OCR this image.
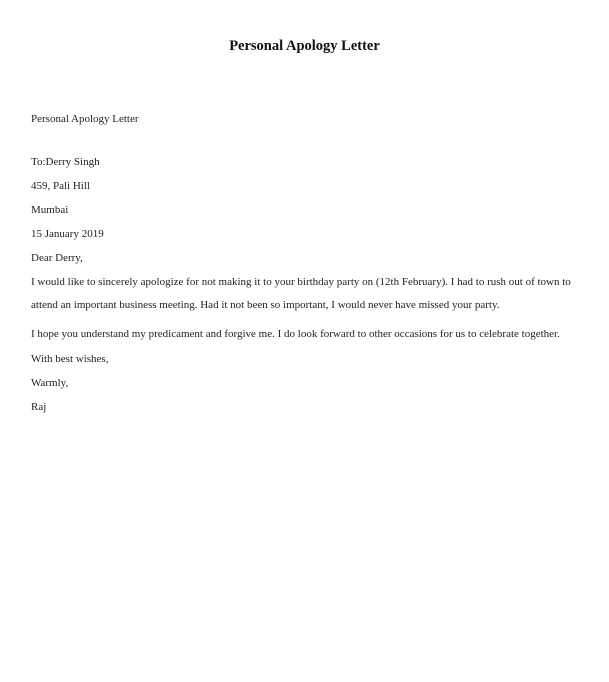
Personal Apology Letter
Personal Apology Letter
To:Derry Singh
459, Pali Hill
Mumbai
15 January 2019
Dear Derry,

I would like to sincerely apologize for not making it to your birthday party on (12th February). I had to rush out of town to attend an important business meeting. Had it not been so important, I would never have missed your party.

I hope you understand my predicament and forgive me. I do look forward to other occasions for us to celebrate together.

With best wishes,
Warmly,
Raj
